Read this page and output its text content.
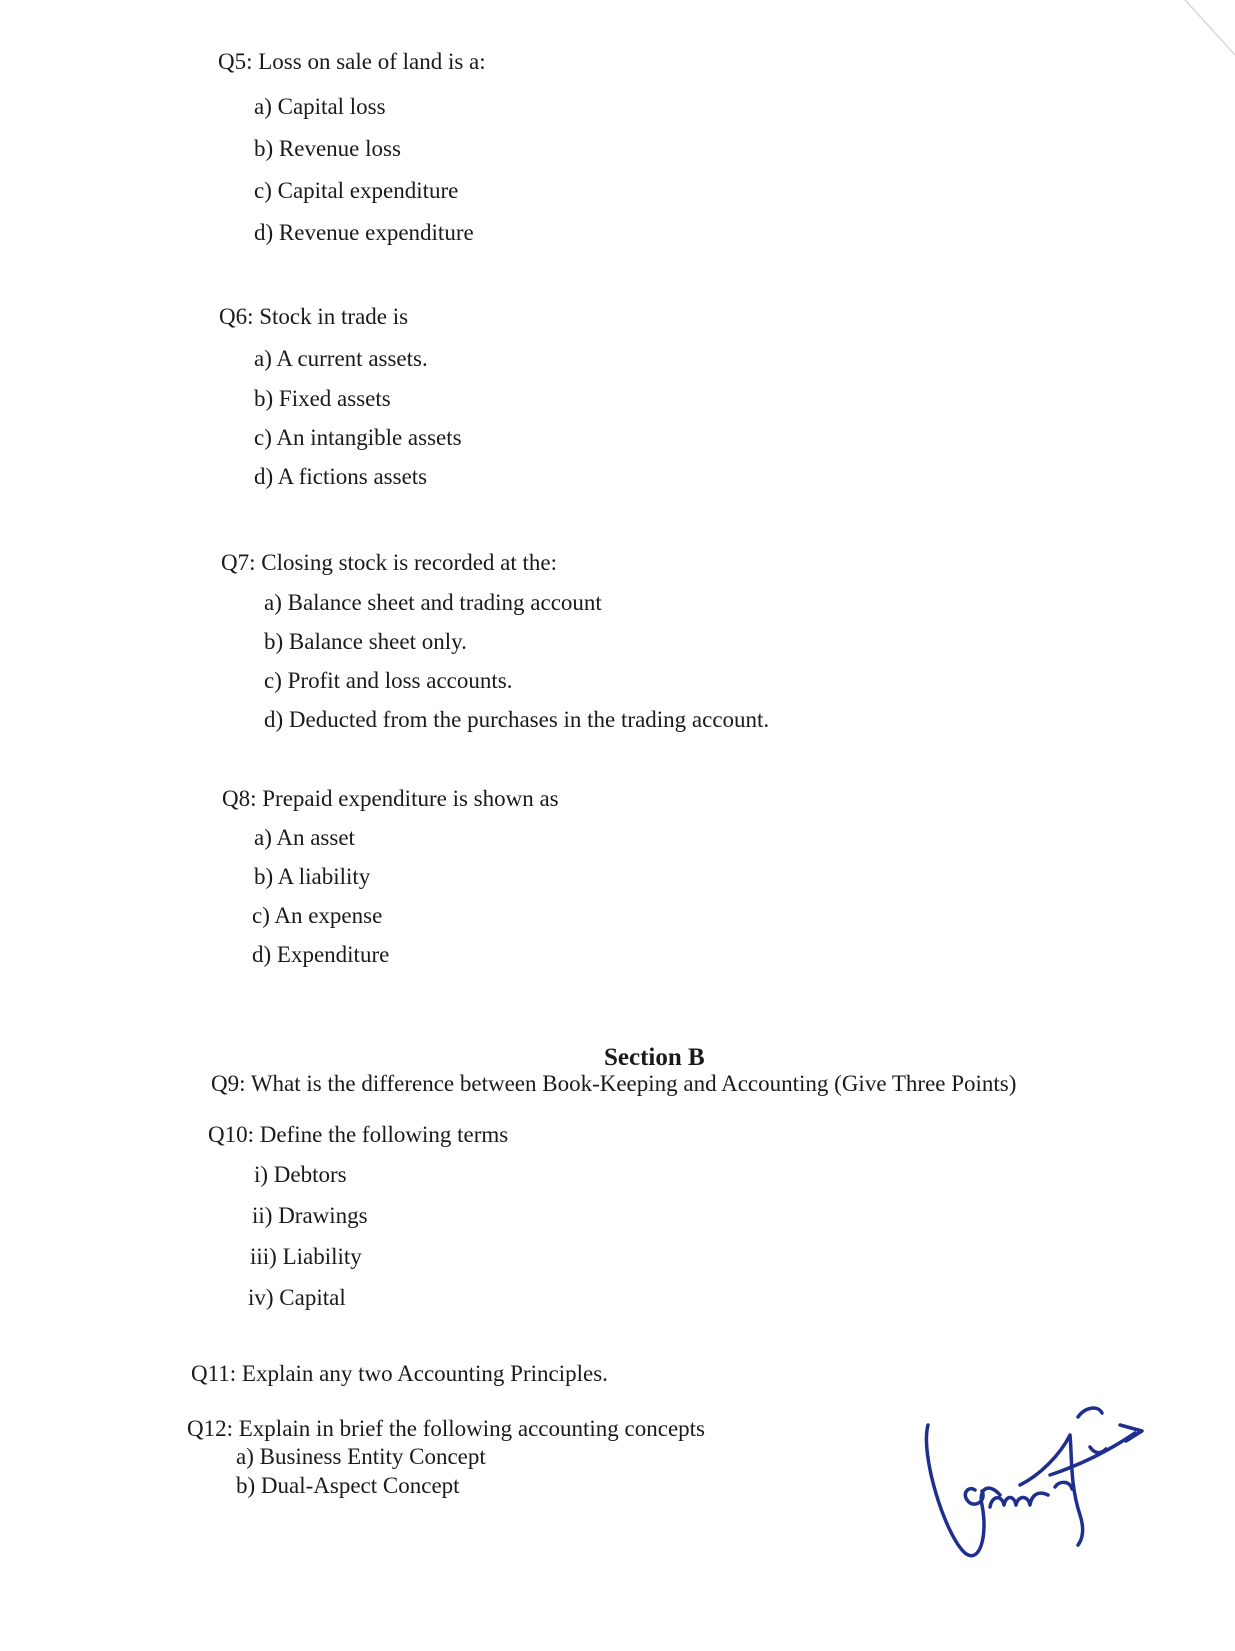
Q5: Loss on sale of land is a:
a) Capital loss
b) Revenue loss
c) Capital expenditure
d) Revenue expenditure
Q6: Stock in trade is
a) A current assets.
b) Fixed assets
c) An intangible assets
d) A fictions assets
Q7: Closing stock is recorded at the:
a) Balance sheet and trading account
b) Balance sheet only.
c) Profit and loss accounts.
d) Deducted from the purchases in the trading account.
Q8: Prepaid expenditure is shown as
a) An asset
b) A liability
c) An expense
d) Expenditure
Section B
Q9: What is the difference between Book-Keeping and Accounting (Give Three Points)
Q10: Define the following terms
i) Debtors
ii) Drawings
iii) Liability
iv) Capital
Q11: Explain any two Accounting Principles.
Q12: Explain in brief the following accounting concepts
a) Business Entity Concept
b) Dual-Aspect Concept
